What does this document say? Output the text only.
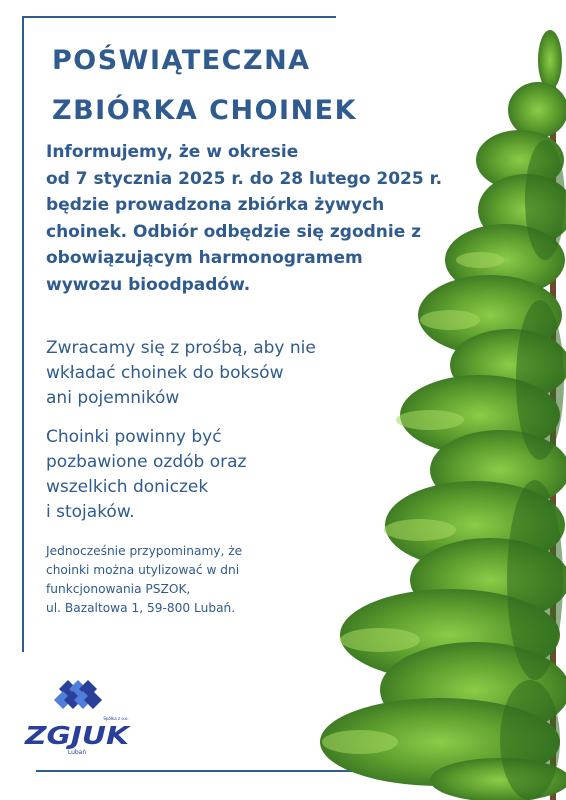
POŚWIĄTECZNA
ZBIÓRKA CHOINEK
Informujemy, że w okresie
od 7 stycznia 2025 r. do 28 lutego 2025 r.
będzie prowadzona zbiórka żywych
choinek. Odbiór odbędzie się zgodnie z
obowiązującym harmonogramem
wywozu bioodpadów.
Zwracamy się z prośbą, aby nie
wkładać choinek do boksów
ani pojemników
Choinki powinny być
pozbawione ozdób oraz
wszelkich doniczek
i stojaków.
Jednocześnie przypominamy, że
choinki można utylizować w dni
funkcjonowania PSZOK,
ul. Bazaltowa 1, 59-800 Lubań.
ZGJUK
Spółka z o.o.
Lubań
